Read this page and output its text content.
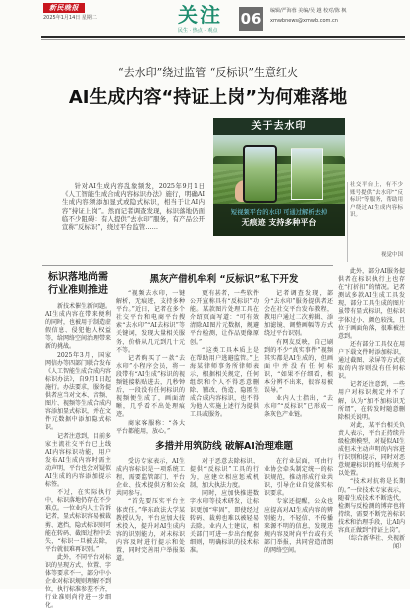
新民晚报
2025年1月14日 星期二	关注
民生 · 热点 · 观点
06	编辑/严海蓉 美编/吴 越 校对/陈 枫
xmwbnews@xmwb.com.cn
“去水印”绕过监管 “反标识”生意红火
AI生成内容“持证上岗”为何难落地
针对AI生成内容乱象频发，2025年9月1日《人工智能生成合成内容标识办法》施行，明确AI生成内容须添加显式或隐式标识，相当于让AI内容“持证上岗”。然而记者调查发现，标识落地仍面临不少阻碍：有人提供“去水印”服务，有产品公开宣称“反标识”，绕过平台监管……
关于去水印
短视频平台的水印 可通过解析去掉
无痕迹 支持多种平台
社交平台上，有不少账号提供“去水印”“反标识”等服务，帮助用户绕过AI生成内容标识。
视觉中国
标识落地尚需
行业准则推进

新技术催生新问题。AI生成内容在带来便利的同时，也被用于制造虚假信息、侵犯他人权益等，给网络空间治理带来新的挑战。

2025年3月，国家网信办等四部门联合发布《人工智能生成合成内容标识办法》，自9月1日起施行。办法要求，服务提供者应当对文本、音频、图片、视频等生成合成内容添加显式标识，并在文件元数据中添加隐式标识。

记者注意到，目前多家主流社交平台已上线AI内容标识功能，用户发布AI生成内容时需主动声明，平台也会对疑似AI生成的内容添加提示标签。

不过，在实际执行中，标识落地仍存在不少难点。一位业内人士告诉记者，显式标识容易被裁剪、遮挡，隐式标识则可能在转码、截图过程中丢失，“标识一旦被去除，平台就很难再识别。”

此外，不同平台对标识的呈现方式、位置、字体等要求不一，部分中小企业对标识规则理解不到位，执行标准参差不齐，行业准则尚待进一步细化。

黑灰产借机牟利 “反标识”私下开发

“视频去水印，一键解析，无痕迹，支持多种平台。”近日，记者在多个社交平台和电商平台搜索“去水印”“AI去标识”等关键词，发现大量相关服务，价格从几元到几十元不等。

记者购买了一款“去水印”小程序会员，将一段带有“AI生成”标识的视频链接粘贴进去，几秒钟后，一段没有任何标识的视频便生成了，画面清晰，几乎看不出处理痕迹。

商家客服称：“各大平台都能用，放心。”

更有甚者，一些软件公开宣称具有“反标识”功能。某款图片处理工具在介绍页面写道：“可有效清除AI图片元数据，规避平台检测，让作品更像原创。”

“这类工具本质上是在帮助用户逃避监管。”上海某律师事务所律师表示，根据相关规定，任何组织和个人不得恶意删除、篡改、伪造、隐匿生成合成内容标识，也不得为他人实施上述行为提供工具或服务。

记者调查发现，部分“去水印”服务提供者还会在社交平台发布教程，教用户通过二次剪辑、添加滤镜、调整画幅等方式绕过平台识别。

有网友反映，自己刷到的不少“真实事件”视频其实都是AI生成的，但画面中并没有任何标识，“如果不仔细看，根本分辨不出来，很容易被误导。”

业内人士指出，“去水印”“反标识”已形成一条灰色产业链。

此外，部分AI服务提供者在标识执行上也存在“打折扣”的情况。记者测试多款AI生成工具发现，部分工具生成的图片虽带有显式标识，但标识字体过小、颜色较浅，且位于画面角落，很难被注意到。

还有部分工具仅在用户下载文件时添加标识，通过截图、录屏等方式获取的内容则没有任何标识。

记者还注意到，一些用户对标识规定并不了解，认为“加不加标识无所谓”，在转发时随意删除相关说明。

对此，某平台相关负责人表示，平台正持续升级检测模型，对疑似AI生成但未主动声明的内容进行识别和提示，同时对恶意规避标识的账号依规予以处置。

“技术对抗将是长期的。”一位技术专家表示，随着生成技术不断迭代，检测与反检测的博弈也将持续，需要不断完善标识技术和治理手段，让AI内容真正做到“持证上岗”。

（综合新华社、央视新闻）

多措并用筑防线 破解AI治理难题

受访专家表示，AI生成内容标识是一项系统工程，需要监管部门、平台企业、技术提供方和公众共同参与。

“首先要压实平台主体责任。”华东政法大学某教授认为，平台应加大技术投入，提升对AI生成内容的识别能力，对未标识内容及时进行提示和处置，同时完善用户举报渠道。

对于恶意去除标识、提供“反标识”工具的行为，应建立相应惩戒机制，加大执法力度。

同时，应加快推进数字水印等技术研发，让标识更加“牢固”，即使经过转码、裁剪也难以被轻易去除。业内人士建议，相关部门可进一步出台配套细则，明确标识的技术标准。

在行业层面，可由行业协会牵头制定统一的标识规范，推动形成行业共识，引导企业自觉落实标识要求。

专家还提醒，公众也应提高对AI生成内容的辨别能力，不轻信、不传播来源不明的信息，发现违规内容及时向平台或有关部门举报，共同营造清朗的网络空间。
